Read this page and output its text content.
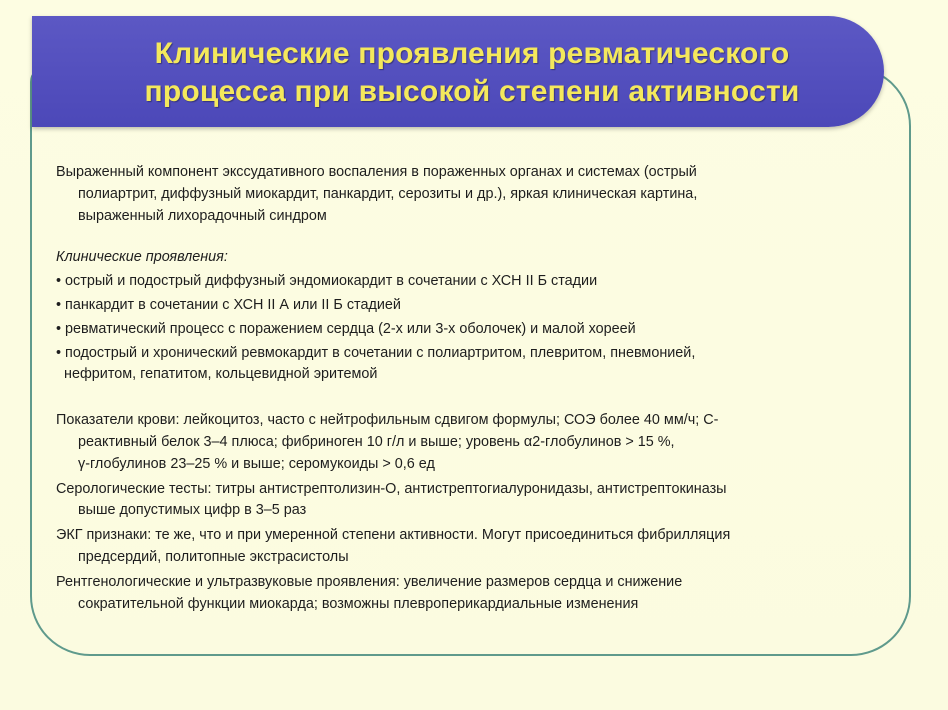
Клинические проявления ревматического
процесса при высокой степени активности

Выраженный компонент экссудативного воспаления в пораженных органах и системах (острый

полиартрит, диффузный миокардит, панкардит, серозиты и др.), яркая клиническая картина,

выраженный лихорадочный синдром

Клинические проявления:

• острый и подострый диффузный эндомиокардит в сочетании с ХСН II Б стадии

• панкардит в сочетании с ХСН II А или II Б стадией

• ревматический процесс с поражением сердца (2-х или 3-х оболочек) и малой хореей

• подострый и хронический ревмокардит в сочетании с полиартритом, плевритом, пневмонией,

нефритом, гепатитом, кольцевидной эритемой

Показатели крови: лейкоцитоз, часто с нейтрофильным сдвигом формулы; СОЭ более 40 мм/ч; С-

реактивный белок 3–4 плюса; фибриноген 10 г/л и выше; уровень α2-глобулинов > 15 %,

γ-глобулинов 23–25 % и выше; серомукоиды > 0,6 ед

Серологические тесты: титры антистрептолизин-О, антистрептогиалуронидазы, антистрептокиназы

выше допустимых цифр в 3–5 раз

ЭКГ признаки: те же, что и при умеренной степени активности. Могут присоединиться фибрилляция

предсердий, политопные экстрасистолы

Рентгенологические и ультразвуковые проявления: увеличение размеров сердца и снижение

сократительной функции миокарда; возможны плевроперикардиальные изменения
